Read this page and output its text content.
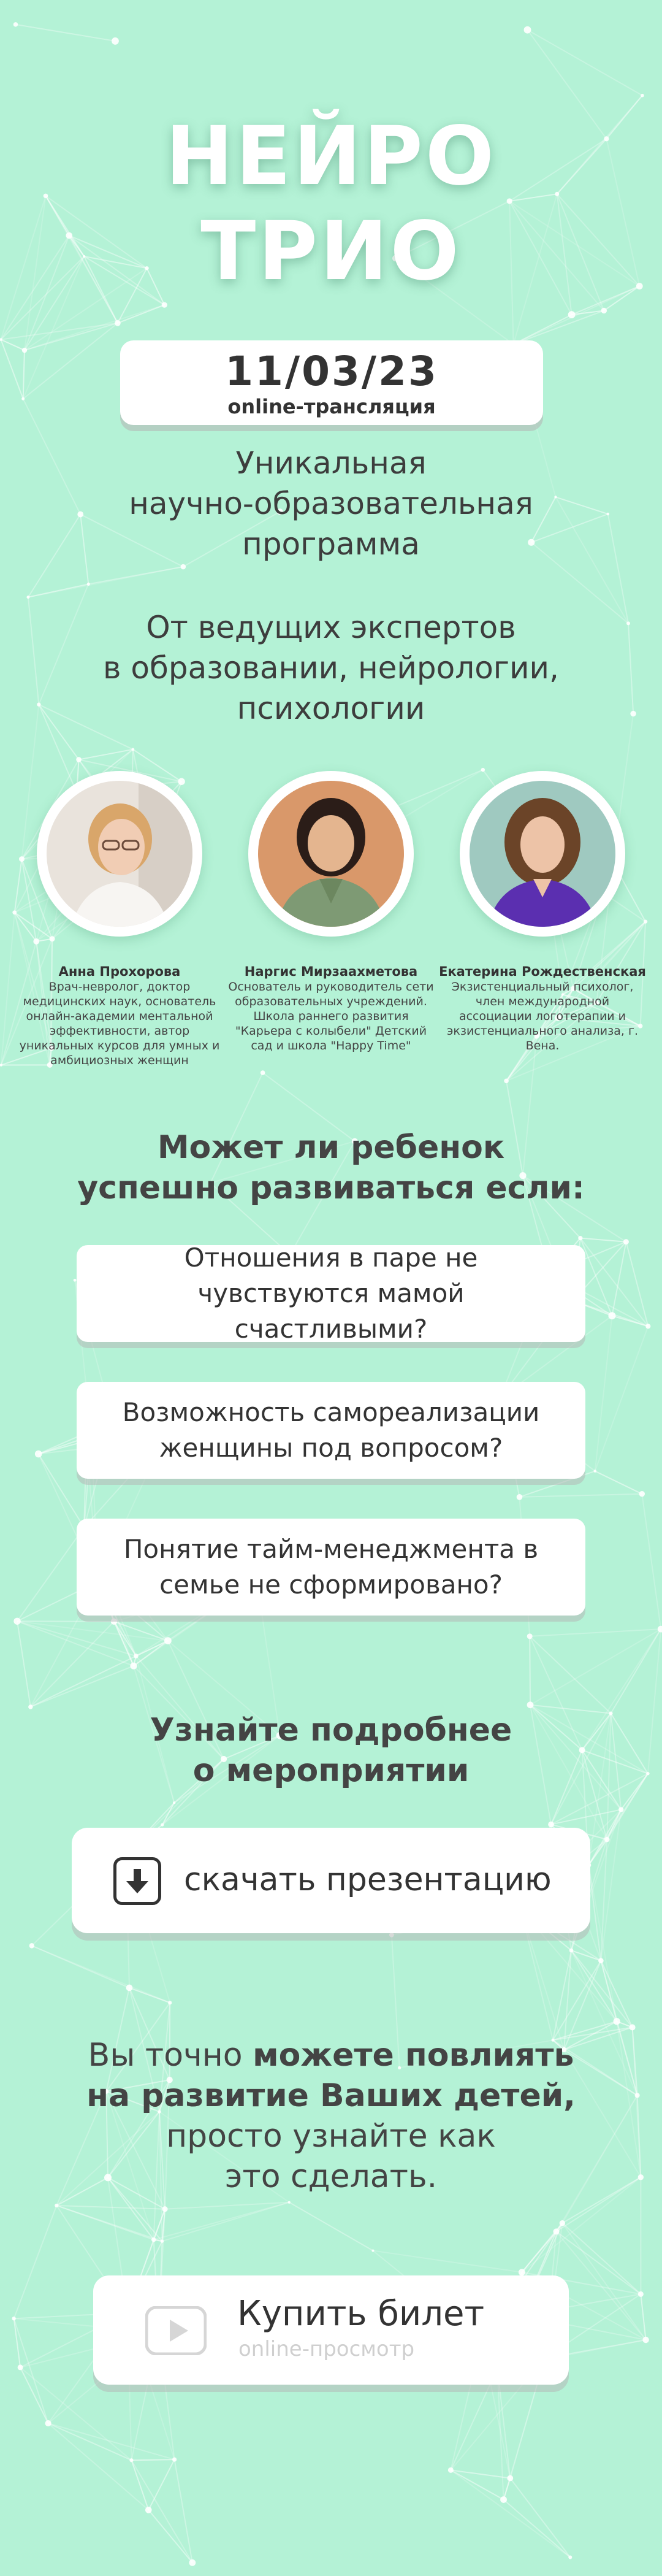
НЕЙРО
ТРИО
11/03/23
online-трансляция
Уникальная
научно-образовательная
программа
От ведущих экспертов
в образовании, нейрологии,
психологии
Анна Прохорова
Врач-невролог, доктор медицинских наук, основатель онлайн-академии ментальной эффективности, автор уникальных курсов для умных и амбициозных женщин
Наргис Мирзаахметова
Основатель и руководитель сети образовательных учреждений. Школа раннего развития "Карьера с колыбели" Детский сад и школа "Happy Time"
Екатерина Рождественская
Экзистенциальный психолог, член международной ассоциации логотерапии и экзистенциального анализа, г. Вена.
Может ли ребенок
успешно развиваться если:
Отношения в паре не чувствуются мамой счастливыми?
Возможность самореализации женщины под вопросом?
Понятие тайм-менеджмента в семье не сформировано?
Узнайте подробнее
о мероприятии
скачать презентацию
Вы точно можете повлиять
на развитие Ваших детей,
просто узнайте как
это сделать.
Купить билет
online-просмотр
